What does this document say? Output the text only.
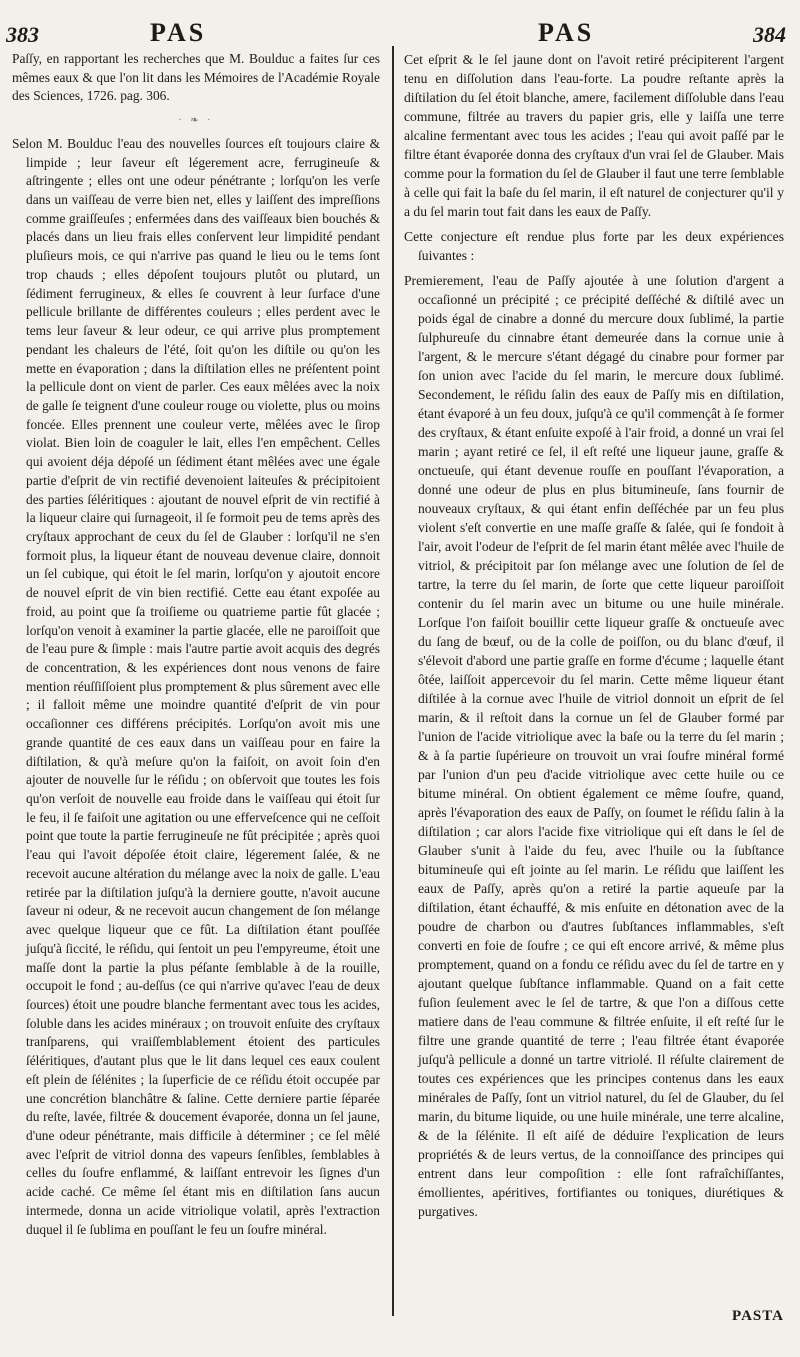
383	PAS	PAS	384

Paſſy, en rapportant les recherches que M. Boulduc a faites ſur ces mêmes eaux & que l'on lit dans les Mémoires de l'Académie Royale des Sciences, 1726. pag. 306.

· ❧ ·

Selon M. Boulduc l'eau des nouvelles ſources eſt toujours claire & limpide ; leur ſaveur eſt légerement acre, ferrugineuſe & aſtringente ; elles ont une odeur pénétrante ; lorſqu'on les verſe dans un vaiſſeau de verre bien net, elles y laiſſent des impreſſions comme graiſſeuſes ; enfermées dans des vaiſſeaux bien bouchés & placés dans un lieu frais elles conſervent leur limpidité pendant pluſieurs mois, ce qui n'arrive pas quand le lieu ou le tems ſont trop chauds ; elles dépoſent toujours plutôt ou plutard, un ſédiment ferrugineux, & elles ſe couvrent à leur ſurface d'une pellicule brillante de différentes couleurs ; elles perdent avec le tems leur ſaveur & leur odeur, ce qui arrive plus promptement pendant les chaleurs de l'été, ſoit qu'on les diſtile ou qu'on les mette en évaporation ; dans la diſtilation elles ne préſentent point la pellicule dont on vient de parler. Ces eaux mêlées avec la noix de galle ſe teignent d'une couleur rouge ou violette, plus ou moins foncée. Elles prennent une couleur verte, mêlées avec le ſirop violat. Bien loin de coaguler le lait, elles l'en empêchent. Celles qui avoient déja dépoſé un ſédiment étant mêlées avec une égale partie d'eſprit de vin rectifié devenoient laiteuſes & précipitoient des parties ſéléritiques : ajoutant de nouvel eſprit de vin rectifié à la liqueur claire qui ſurnageoit, il ſe formoit peu de tems après des cryſtaux approchant de ceux du ſel de Glauber : lorſqu'il ne s'en formoit plus, la liqueur étant de nouveau devenue claire, donnoit un ſel cubique, qui étoit le ſel marin, lorſqu'on y ajoutoit encore de nouvel eſprit de vin bien rectifié. Cette eau étant expoſée au froid, au point que ſa troiſieme ou quatrieme partie fût glacée ; lorſqu'on venoit à examiner la partie glacée, elle ne paroiſſoit que de l'eau pure & ſimple : mais l'autre partie avoit acquis des degrés de concentration, & les expériences dont nous venons de faire mention réuſſiſſoient plus promptement & plus sûrement avec elle ; il falloit même une moindre quantité d'eſprit de vin pour occaſionner ces différens précipités. Lorſqu'on avoit mis une grande quantité de ces eaux dans un vaiſſeau pour en faire la diſtilation, & qu'à meſure qu'on la faiſoit, on avoit ſoin d'en ajouter de nouvelle ſur le réſidu ; on obſervoit que toutes les fois qu'on verſoit de nouvelle eau froide dans le vaiſſeau qui étoit ſur le feu, il ſe faiſoit une agitation ou une efferveſcence qui ne ceſſoit point que toute la partie ferrugineuſe ne fût précipitée ; après quoi l'eau qui l'avoit dépoſée étoit claire, légerement ſalée, & ne recevoit aucune altération du mélange avec la noix de galle. L'eau retirée par la diſtilation juſqu'à la derniere goutte, n'avoit aucune ſaveur ni odeur, & ne recevoit aucun changement de ſon mélange avec quelque liqueur que ce fût. La diſtilation étant pouſſée juſqu'à ſiccité, le réſidu, qui ſentoit un peu l'empyreume, étoit une maſſe dont la partie la plus péſante ſemblable à de la rouille, occupoit le fond ; au-deſſus (ce qui n'arrive qu'avec l'eau de deux ſources) étoit une poudre blanche fermentant avec tous les acides, ſoluble dans les acides minéraux ; on trouvoit enſuite des cryſtaux tranſparens, qui vraiſſemblablement étoient des particules ſéléritiques, d'autant plus que le lit dans lequel ces eaux coulent eſt plein de ſélénites ; la ſuperficie de ce réſidu étoit occupée par une concrétion blanchâtre & ſaline. Cette derniere partie ſéparée du reſte, lavée, filtrée & doucement évaporée, donna un ſel jaune, d'une odeur pénétrante, mais difficile à déterminer ; ce ſel mêlé avec l'eſprit de vitriol donna des vapeurs ſenſibles, ſemblables à celles du ſoufre enflammé, & laiſſant entrevoir les ſignes d'un acide caché. Ce même ſel étant mis en diſtilation ſans aucun intermede, donna un acide vitriolique volatil, après l'extraction duquel il ſe ſublima en pouſſant le feu un ſoufre minéral.

Cet eſprit & le ſel jaune dont on l'avoit retiré précipiterent l'argent tenu en diſſolution dans l'eau-forte. La poudre reſtante après la diſtilation du ſel étoit blanche, amere, facilement diſſoluble dans l'eau commune, filtrée au travers du papier gris, elle y laiſſa une terre alcaline fermentant avec tous les acides ; l'eau qui avoit paſſé par le filtre étant évaporée donna des cryſtaux d'un vrai ſel de Glauber. Mais comme pour la formation du ſel de Glauber il faut une terre ſemblable à celle qui fait la baſe du ſel marin, il eſt naturel de conjecturer qu'il y a du ſel marin tout fait dans les eaux de Paſſy.

Cette conjecture eſt rendue plus forte par les deux expériences ſuivantes :

Premierement, l'eau de Paſſy ajoutée à une ſolution d'argent a occaſionné un précipité ; ce précipité deſſéché & diſtilé avec un poids égal de cinabre a donné du mercure doux ſublimé, la partie ſulphureuſe du cinnabre étant demeurée dans la cornue unie à l'argent, & le mercure s'étant dégagé du cinabre pour former par ſon union avec l'acide du ſel marin, le mercure doux ſublimé. Secondement, le réſidu ſalin des eaux de Paſſy mis en diſtilation, étant évaporé à un feu doux, juſqu'à ce qu'il commençât à ſe former des cryſtaux, & étant enſuite expoſé à l'air froid, a donné un vrai ſel marin ; ayant retiré ce ſel, il eſt reſté une liqueur jaune, graſſe & onctueuſe, qui étant devenue rouſſe en pouſſant l'évaporation, a donné une odeur de plus en plus bitumineuſe, ſans fournir de nouveaux cryſtaux, & qui étant enfin deſſéchée par un feu plus violent s'eſt convertie en une maſſe graſſe & ſalée, qui ſe fondoit à l'air, avoit l'odeur de l'eſprit de ſel marin étant mêlée avec l'huile de vitriol, & précipitoit par ſon mélange avec une ſolution de ſel de tartre, la terre du ſel marin, de ſorte que cette liqueur paroiſſoit contenir du ſel marin avec un bitume ou une huile minérale. Lorſque l'on faiſoit bouillir cette liqueur graſſe & onctueuſe avec du ſang de bœuf, ou de la colle de poiſſon, ou du blanc d'œuf, il s'élevoit d'abord une partie graſſe en forme d'écume ; laquelle étant ôtée, laiſſoit appercevoir du ſel marin. Cette même liqueur étant diſtilée à la cornue avec l'huile de vitriol donnoit un eſprit de ſel marin, & il reſtoit dans la cornue un ſel de Glauber formé par l'union de l'acide vitriolique avec la baſe ou la terre du ſel marin ; & à ſa partie ſupérieure on trouvoit un vrai ſoufre minéral formé par l'union d'un peu d'acide vitriolique avec cette huile ou ce bitume minéral. On obtient également ce même ſoufre, quand, après l'évaporation des eaux de Paſſy, on ſoumet le réſidu ſalin à la diſtilation ; car alors l'acide fixe vitriolique qui eſt dans le ſel de Glauber s'unit à l'aide du feu, avec l'huile ou la ſubſtance bitumineuſe qui eſt jointe au ſel marin. Le réſidu que laiſſent les eaux de Paſſy, après qu'on a retiré la partie aqueuſe par la diſtilation, étant échauffé, & mis enſuite en détonation avec de la poudre de charbon ou d'autres ſubſtances inflammables, s'eſt converti en foie de ſoufre ; ce qui eſt encore arrivé, & même plus promptement, quand on a fondu ce réſidu avec du ſel de tartre en y ajoutant quelque ſubſtance inflammable. Quand on a fait cette fuſion ſeulement avec le ſel de tartre, & que l'on a diſſous cette matiere dans de l'eau commune & filtrée enſuite, il eſt reſté ſur le filtre une grande quantité de terre ; l'eau filtrée étant évaporée juſqu'à pellicule a donné un tartre vitriolé. Il réſulte clairement de toutes ces expériences que les principes contenus dans les eaux minérales de Paſſy, ſont un vitriol naturel, du ſel de Glauber, du ſel marin, du bitume liquide, ou une huile minérale, une terre alcaline, & de la ſélénite. Il eſt aiſé de déduire l'explication de leurs propriétés & de leurs vertus, de la connoiſſance des principes qui entrent dans leur compoſition : elle ſont rafraîchiſſantes, émollientes, apéritives, fortifiantes ou toniques, diurétiques & purgatives.

PASTA
